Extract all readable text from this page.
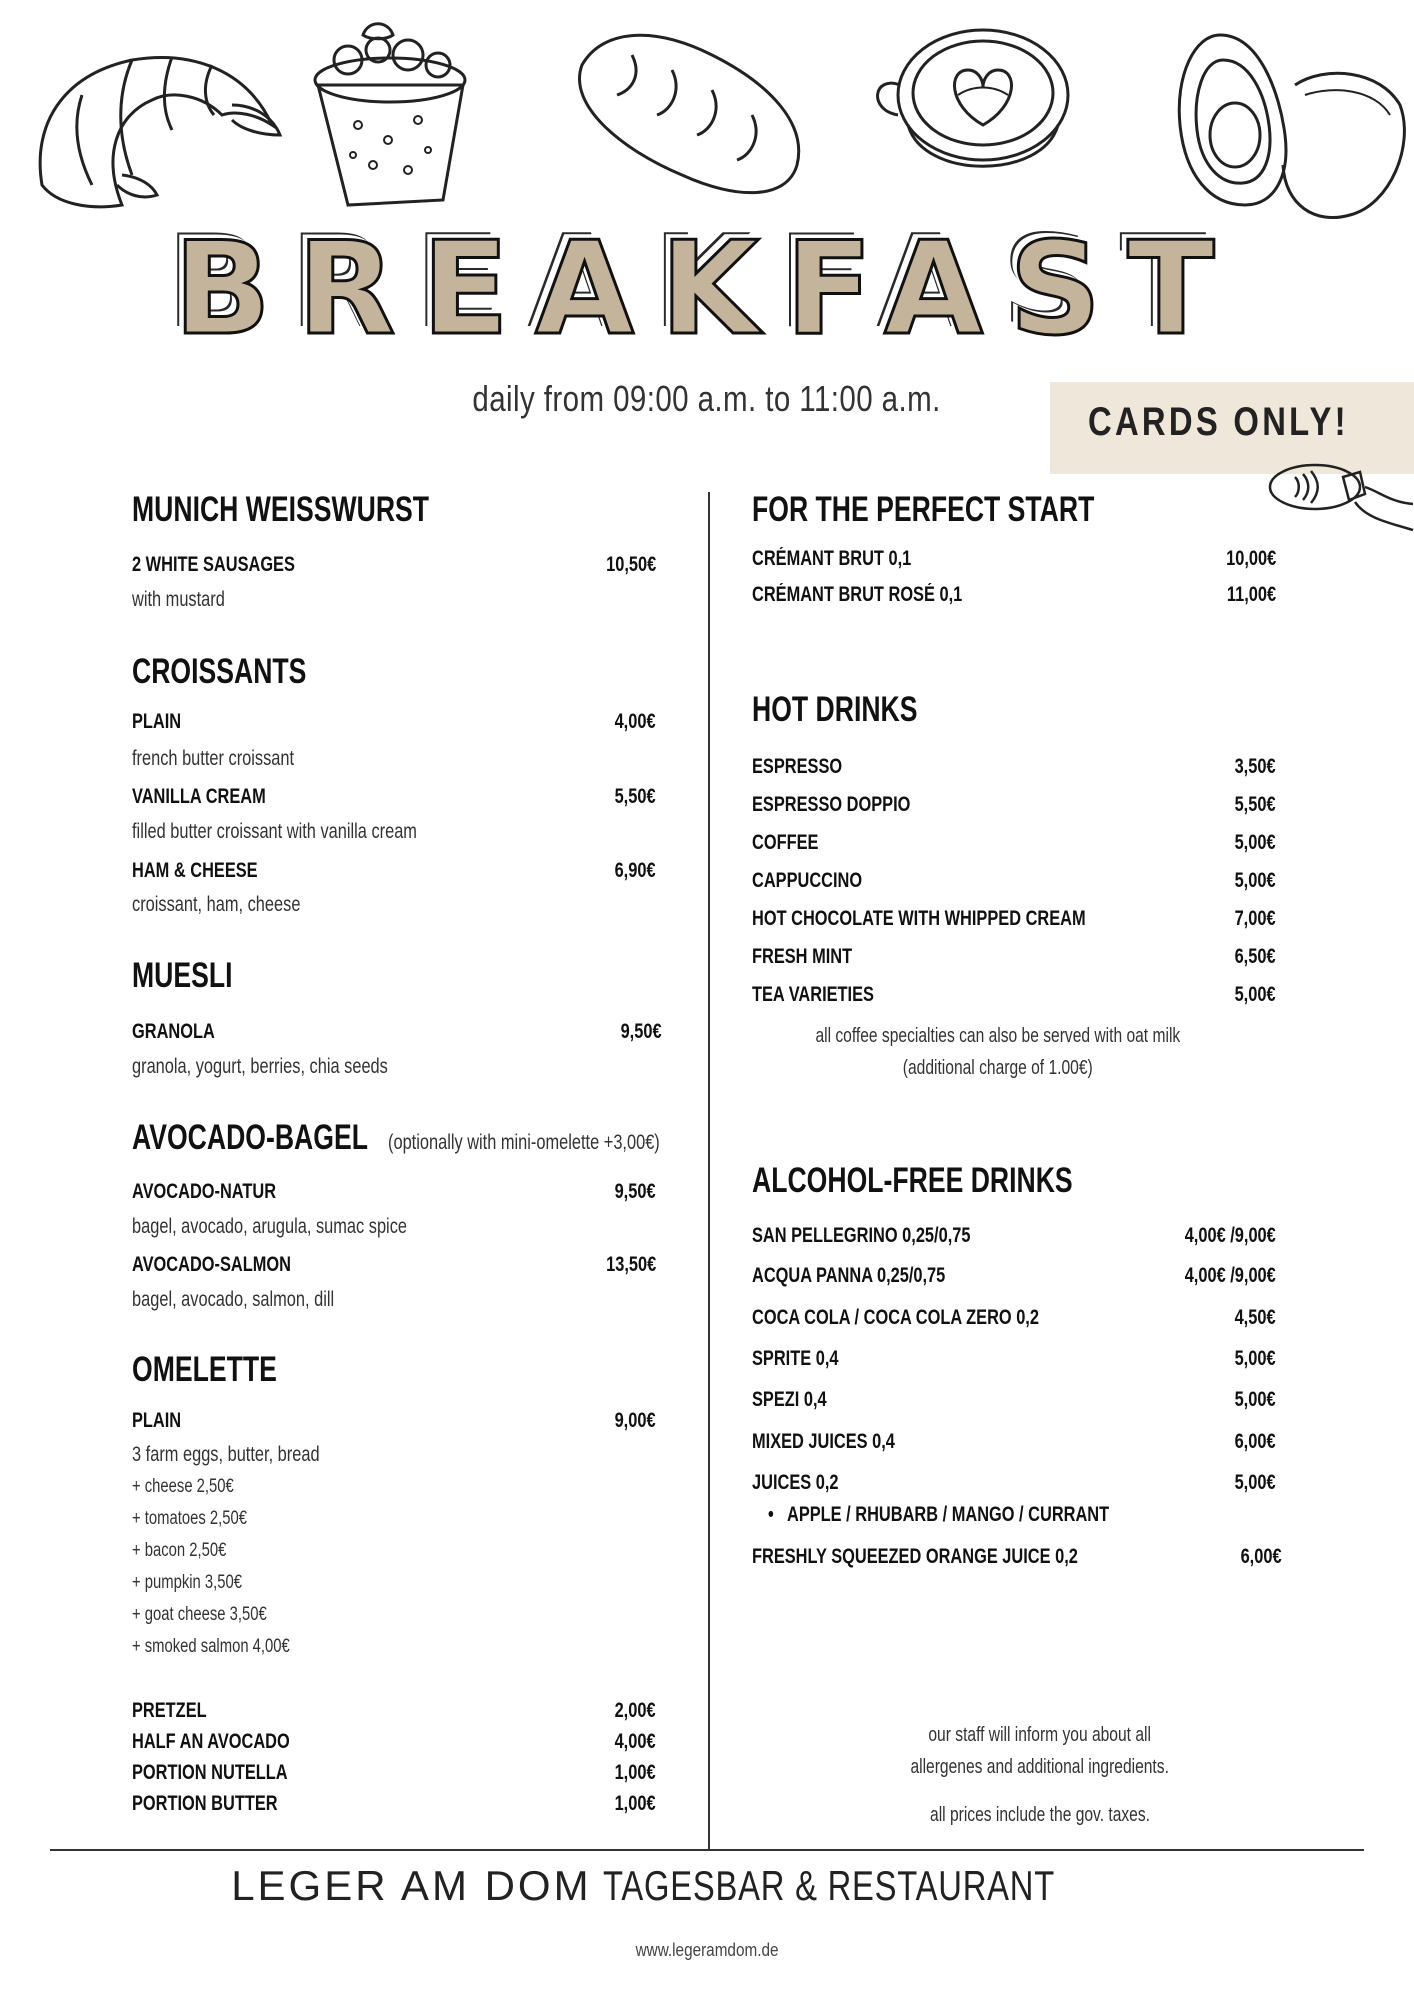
BREAKFAST
daily from 09:00 a.m. to 11:00 a.m.
CARDS ONLY!
MUNICH WEISSWURST
2 WHITE SAUSAGES	10,50€
with mustard
CROISSANTS
PLAIN	4,00€
french butter croissant
VANILLA CREAM	5,50€
filled butter croissant with vanilla cream
HAM & CHEESE	6,90€
croissant, ham, cheese
MUESLI
GRANOLA	9,50€
granola, yogurt, berries, chia seeds
AVOCADO-BAGEL (optionally with mini-omelette +3,00€)
AVOCADO-NATUR	9,50€
bagel, avocado, arugula, sumac spice
AVOCADO-SALMON	13,50€
bagel, avocado, salmon, dill
OMELETTE
PLAIN	9,00€
3 farm eggs, butter, bread
+ cheese 2,50€
+ tomatoes 2,50€
+ bacon 2,50€
+ pumpkin 3,50€
+ goat cheese 3,50€
+ smoked salmon 4,00€
PRETZEL	2,00€
HALF AN AVOCADO	4,00€
PORTION NUTELLA	1,00€
PORTION BUTTER	1,00€
FOR THE PERFECT START
CRÉMANT BRUT 0,1	10,00€
CRÉMANT BRUT ROSÉ 0,1	11,00€
HOT DRINKS
ESPRESSO	3,50€
ESPRESSO DOPPIO	5,50€
COFFEE	5,00€
CAPPUCCINO	5,00€
HOT CHOCOLATE WITH WHIPPED CREAM	7,00€
FRESH MINT	6,50€
TEA VARIETIES	5,00€
all coffee specialties can also be served with oat milk
(additional charge of 1.00€)
ALCOHOL-FREE DRINKS
SAN PELLEGRINO 0,25/0,75	4,00€ /9,00€
ACQUA PANNA 0,25/0,75	4,00€ /9,00€
COCA COLA / COCA COLA ZERO 0,2	4,50€
SPRITE 0,4	5,00€
SPEZI 0,4	5,00€
MIXED JUICES 0,4	6,00€
JUICES 0,2	5,00€
•   APPLE / RHUBARB / MANGO / CURRANT
FRESHLY SQUEEZED ORANGE JUICE 0,2	6,00€
our staff will inform you about all
allergenes and additional ingredients.
all prices include the gov. taxes.
LEGER AM DOM TAGESBAR & RESTAURANT
www.legeramdom.de
